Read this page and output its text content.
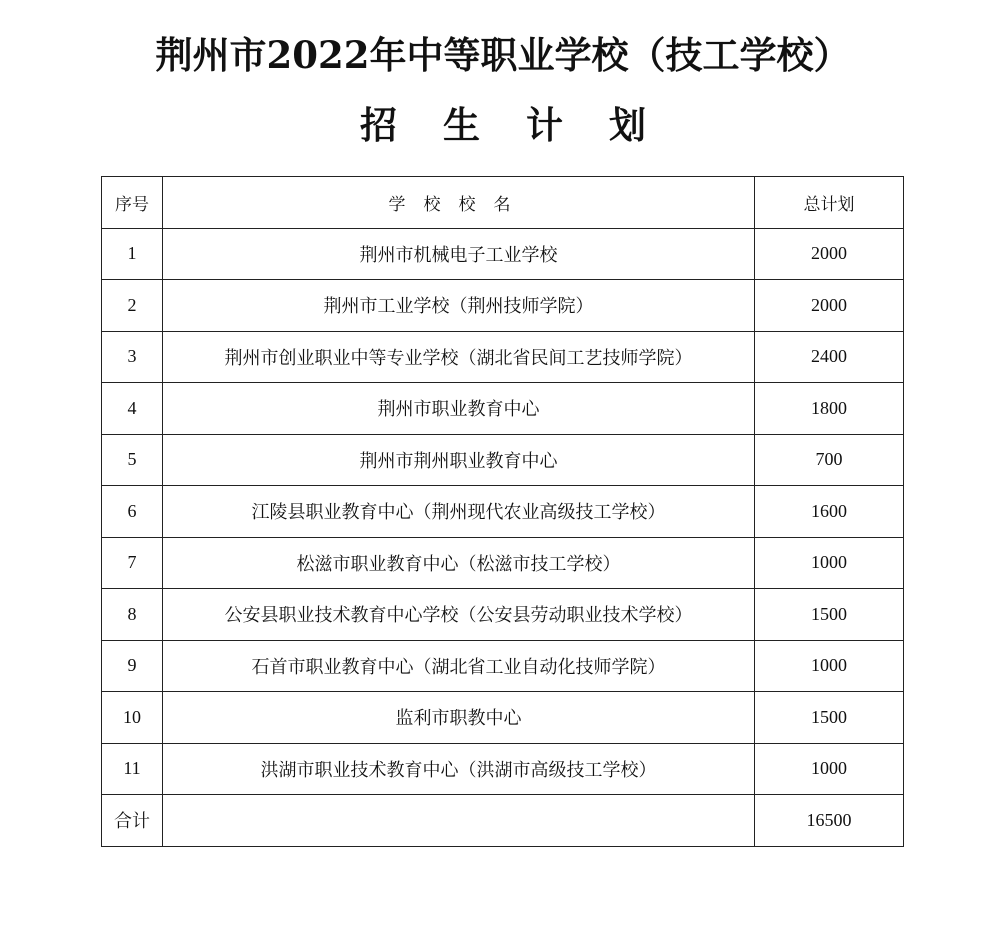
荆州市2022年中等职业学校（技工学校）
招生计划
序号	学校校名	总计划
1	荆州市机械电子工业学校	2000
2	荆州市工业学校（荆州技师学院）	2000
3	荆州市创业职业中等专业学校（湖北省民间工艺技师学院）	2400
4	荆州市职业教育中心	1800
5	荆州市荆州职业教育中心	700
6	江陵县职业教育中心（荆州现代农业高级技工学校）	1600
7	松滋市职业教育中心（松滋市技工学校）	1000
8	公安县职业技术教育中心学校（公安县劳动职业技术学校）	1500
9	石首市职业教育中心（湖北省工业自动化技师学院）	1000
10	监利市职教中心	1500
11	洪湖市职业技术教育中心（洪湖市高级技工学校）	1000
合计		16500
